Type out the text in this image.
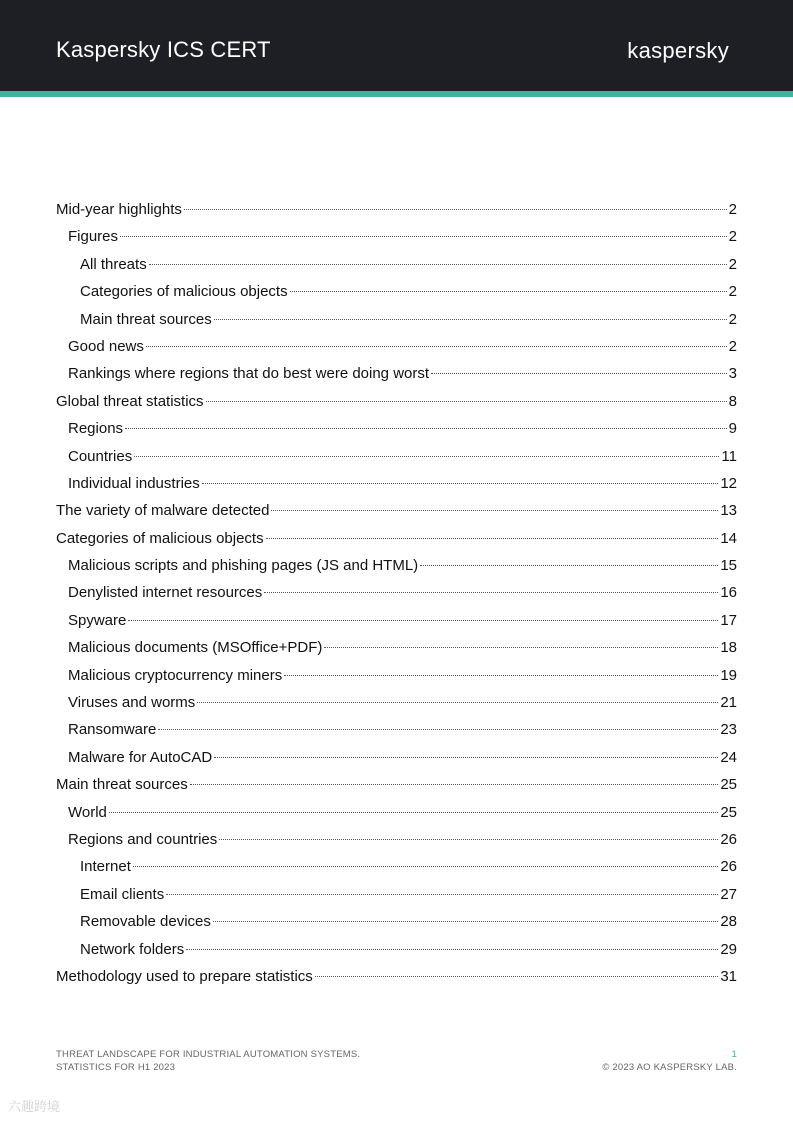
Kaspersky ICS CERT	kaspersky
Mid-year highlights	2
Figures	2
All threats	2
Categories of malicious objects	2
Main threat sources	2
Good news	2
Rankings where regions that do best were doing worst	3
Global threat statistics	8
Regions	9
Countries	11
Individual industries	12
The variety of malware detected	13
Categories of malicious objects	14
Malicious scripts and phishing pages (JS and HTML)	15
Denylisted internet resources	16
Spyware	17
Malicious documents (MSOffice+PDF)	18
Malicious cryptocurrency miners	19
Viruses and worms	21
Ransomware	23
Malware for AutoCAD	24
Main threat sources	25
World	25
Regions and countries	26
Internet	26
Email clients	27
Removable devices	28
Network folders	29
Methodology used to prepare statistics	31
THREAT LANDSCAPE FOR INDUSTRIAL AUTOMATION SYSTEMS.
STATISTICS FOR H1 2023
1
© 2023 AO KASPERSKY LAB.
六趣跨境
